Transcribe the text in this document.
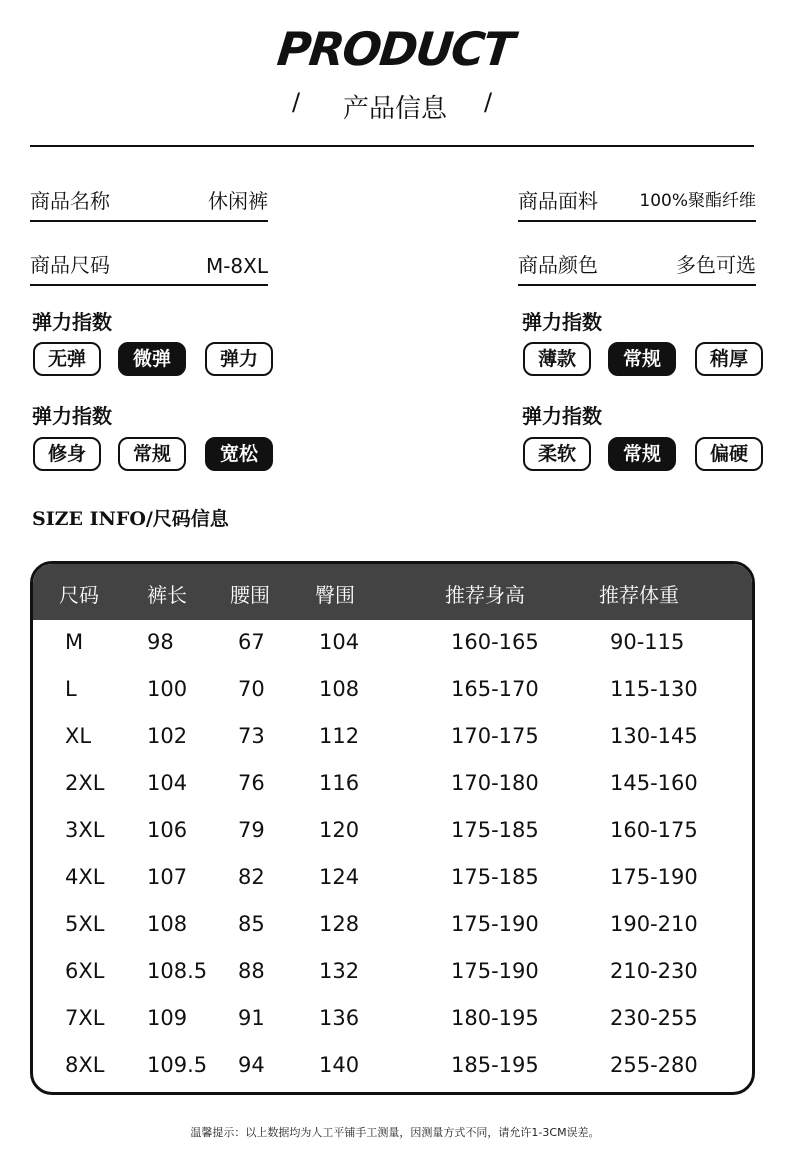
PRODUCT
/	产品信息	/
商品名称	休闲裤	商品面料 100%聚酯纤维
商品尺码	M-8XL	商品颜色	多色可选
弹力指数
无弹	微弹	弹力
弹力指数
薄款	常规	稍厚
弹力指数
修身	常规	宽松
弹力指数
柔软	常规	偏硬
SIZE INFO/尺码信息
尺码 裤长 腰围 臀围	推荐身高	推荐体重
M	98	67	104	160-165	90-115
L	100 70	108	165-170	115-130
XL	102 73	112	170-175	130-145
2XL 104 76	116	170-180	145-160
3XL 106 79	120	175-185	160-175
4XL 107 82	124	175-185	175-190
5XL 108 85	128	175-190	190-210
6XL 108.5 88	132	175-190	210-230
7XL 109 91	136	180-195	230-255
8XL 109.5 94	140	185-195	255-280
温馨提示：以上数据均为人工平铺手工测量，因测量方式不同，请允许1-3CM误差。
